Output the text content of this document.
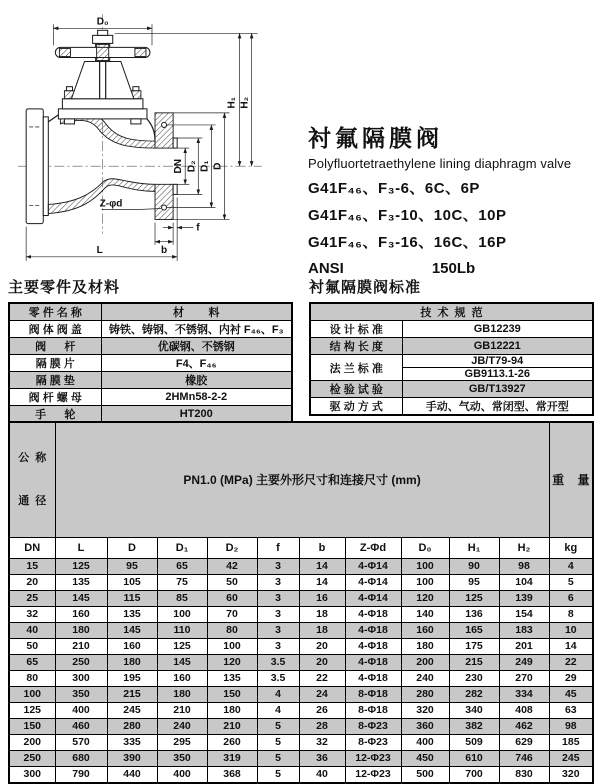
D₀
H₁ H₂
DN D₂ D₁ D
Z-φd
f
b
L
衬氟隔膜阀
Polyfluortetraethylene lining diaphragm valve
G41F₄₆、F₃-6、6C、6P
G41F₄₆、F₃-10、10C、10P
G41F₄₆、F₃-16、16C、16P
ANSI	150Lb
主要零件及材料
零 件 名 称	材        料
阀 体 阀 盖	铸铁、铸钢、不锈钢、内衬 F₄₆、F₃
阀      杆	优碳钢、不锈钢
隔 膜 片	F4、F₄₆
隔 膜 垫	橡胶
阀 杆 螺 母	2HMn58-2-2
手      轮	HT200
衬氟隔膜阀标准
技  术  规  范	
设 计 标 准	GB12239
结 构 长 度	GB12221
法 兰 标 准	JB/T79-94
	GB9113.1-26
检 验 试 验	GB/T13927
驱 动 方 式	手动、气动、常闭型、常开型

公  称

通  径	PN1.0 (MPa) 主要外形尺寸和连接尺寸 (mm)										重    量
DN	L	D	D₁	D₂	f	b	Z-Φd	D₀	H₁	H₂	kg
15	125	95	65	42	3	14	4-Φ14	100	90	98	4
20	135	105	75	50	3	14	4-Φ14	100	95	104	5
25	145	115	85	60	3	16	4-Φ14	120	125	139	6
32	160	135	100	70	3	18	4-Φ18	140	136	154	8
40	180	145	110	80	3	18	4-Φ18	160	165	183	10
50	210	160	125	100	3	20	4-Φ18	180	175	201	14
65	250	180	145	120	3.5	20	4-Φ18	200	215	249	22
80	300	195	160	135	3.5	22	4-Φ18	240	230	270	29
100	350	215	180	150	4	24	8-Φ18	280	282	334	45
125	400	245	210	180	4	26	8-Φ18	320	340	408	63
150	460	280	240	210	5	28	8-Φ23	360	382	462	98
200	570	335	295	260	5	32	8-Φ23	400	509	629	185
250	680	390	350	319	5	36	12-Φ23	450	610	746	245
300	790	440	400	368	5	40	12-Φ23	500	700	830	320
